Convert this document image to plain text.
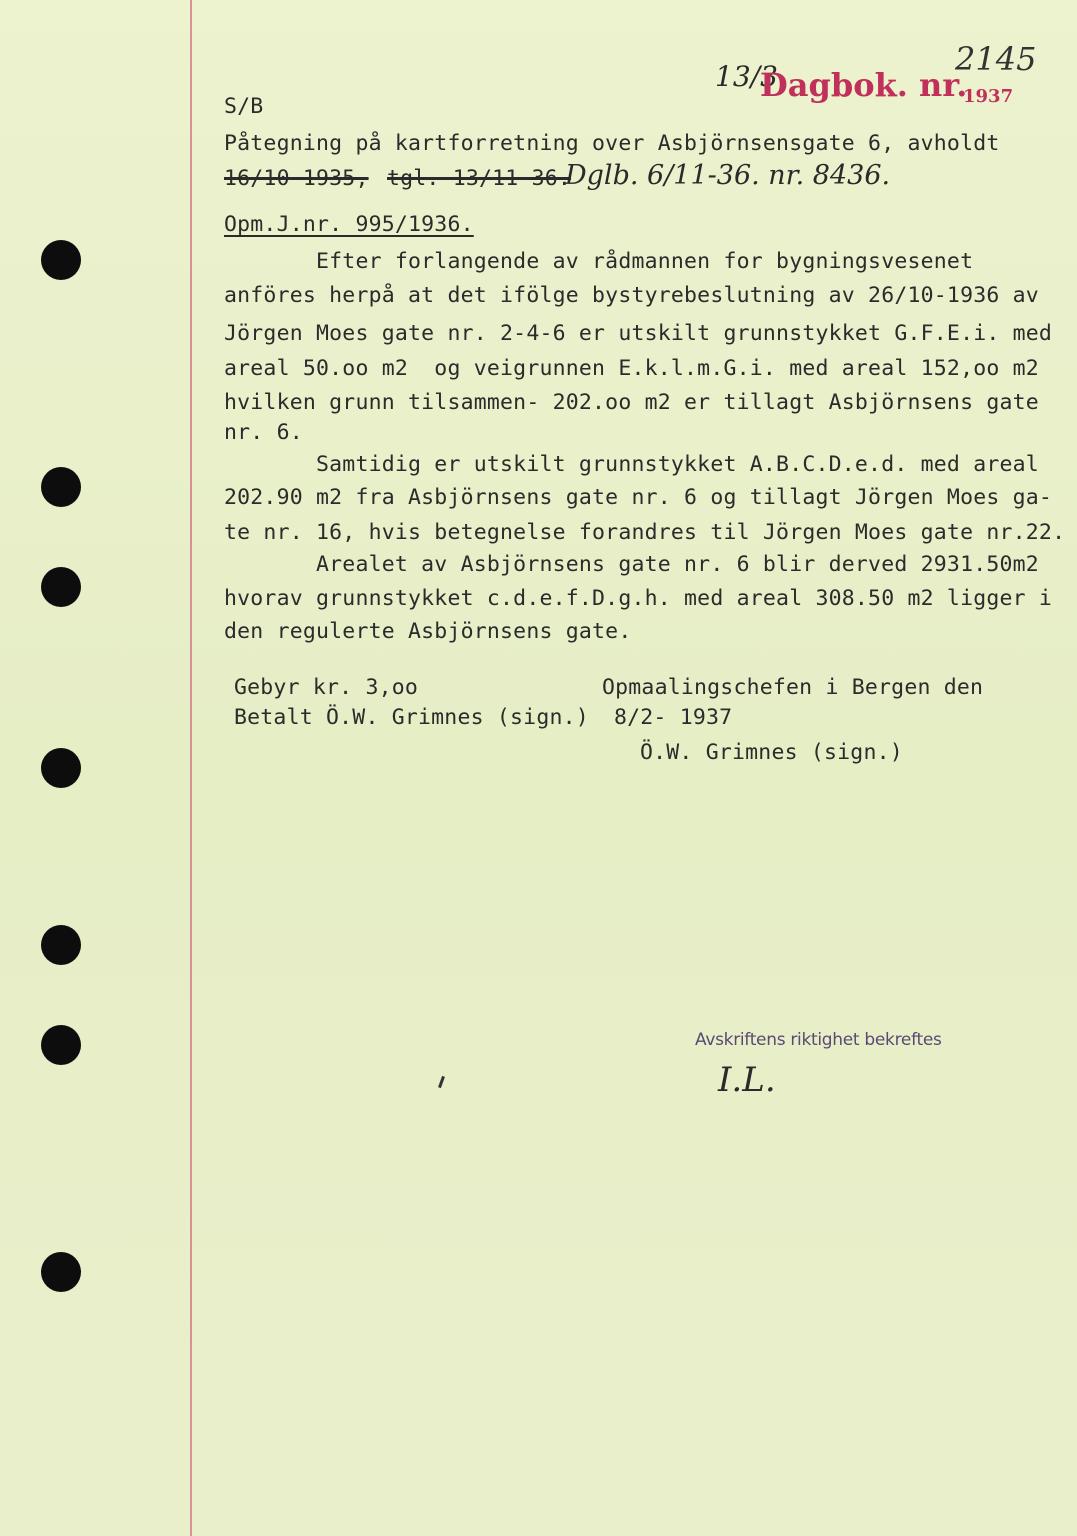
13/3
Dagbok. nr.
2145
1937
S/B
Påtegning på kartforretning over Asbjörnsensgate 6, avholdt
16/10-1935, tgl. 13/11-36.
Dglb. 6/11-36. nr. 8436.
Opm.J.nr. 995/1936.
Efter forlangende av rådmannen for bygningsvesenet
anföres herpå at det ifölge bystyrebeslutning av 26/10-1936 av
Jörgen Moes gate nr. 2-4-6 er utskilt grunnstykket G.F.E.i. med
areal 50.oo m2  og veigrunnen E.k.l.m.G.i. med areal 152,oo m2
hvilken grunn tilsammen- 202.oo m2 er tillagt Asbjörnsens gate
nr. 6.
Samtidig er utskilt grunnstykket A.B.C.D.e.d. med areal
202.90 m2 fra Asbjörnsens gate nr. 6 og tillagt Jörgen Moes ga-
te nr. 16, hvis betegnelse forandres til Jörgen Moes gate nr.22.
Arealet av Asbjörnsens gate nr. 6 blir derved 2931.50m2
hvorav grunnstykket c.d.e.f.D.g.h. med areal 308.50 m2 ligger i
den regulerte Asbjörnsens gate.
Gebyr kr. 3,oo
Betalt Ö.W. Grimnes (sign.)
Opmaalingschefen i Bergen den
8/2- 1937
Ö.W. Grimnes (sign.)
Avskriftens riktighet bekreftes
I.L.
